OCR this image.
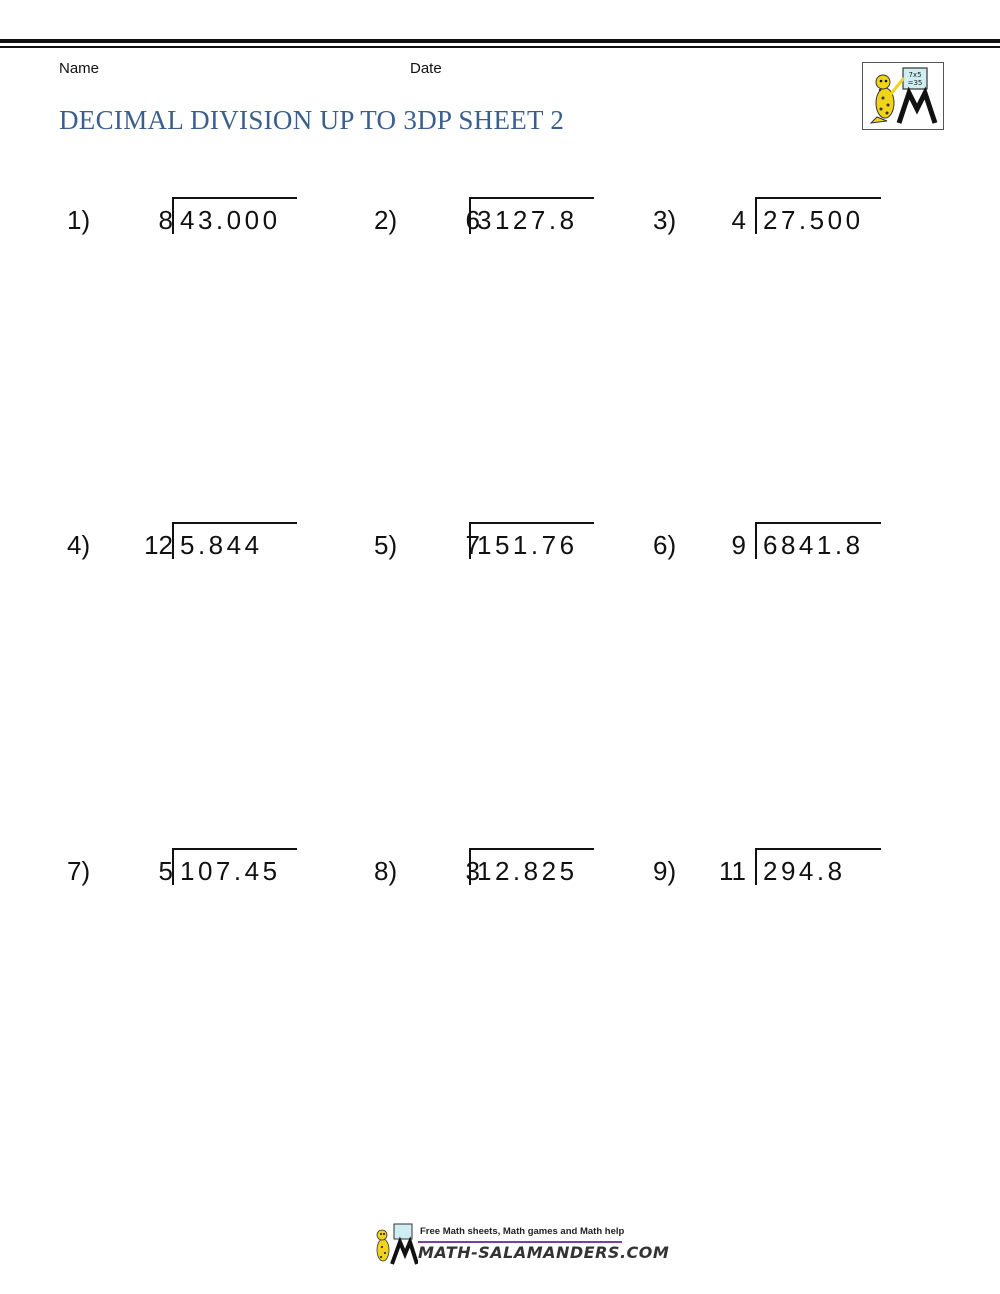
Name	Date
DECIMAL DIVISION UP TO 3DP SHEET 2
7x5
=35
1)	8 43.000	2)	6
3127.8	3) 4 27.500
4) 12 5.844	5)	7
151.76	6) 9 6841.8
7)	5 107.45	8)	3
12.825	9) 11 294.8
Free Math sheets, Math games and Math help
MATH-SALAMANDERS.COM
